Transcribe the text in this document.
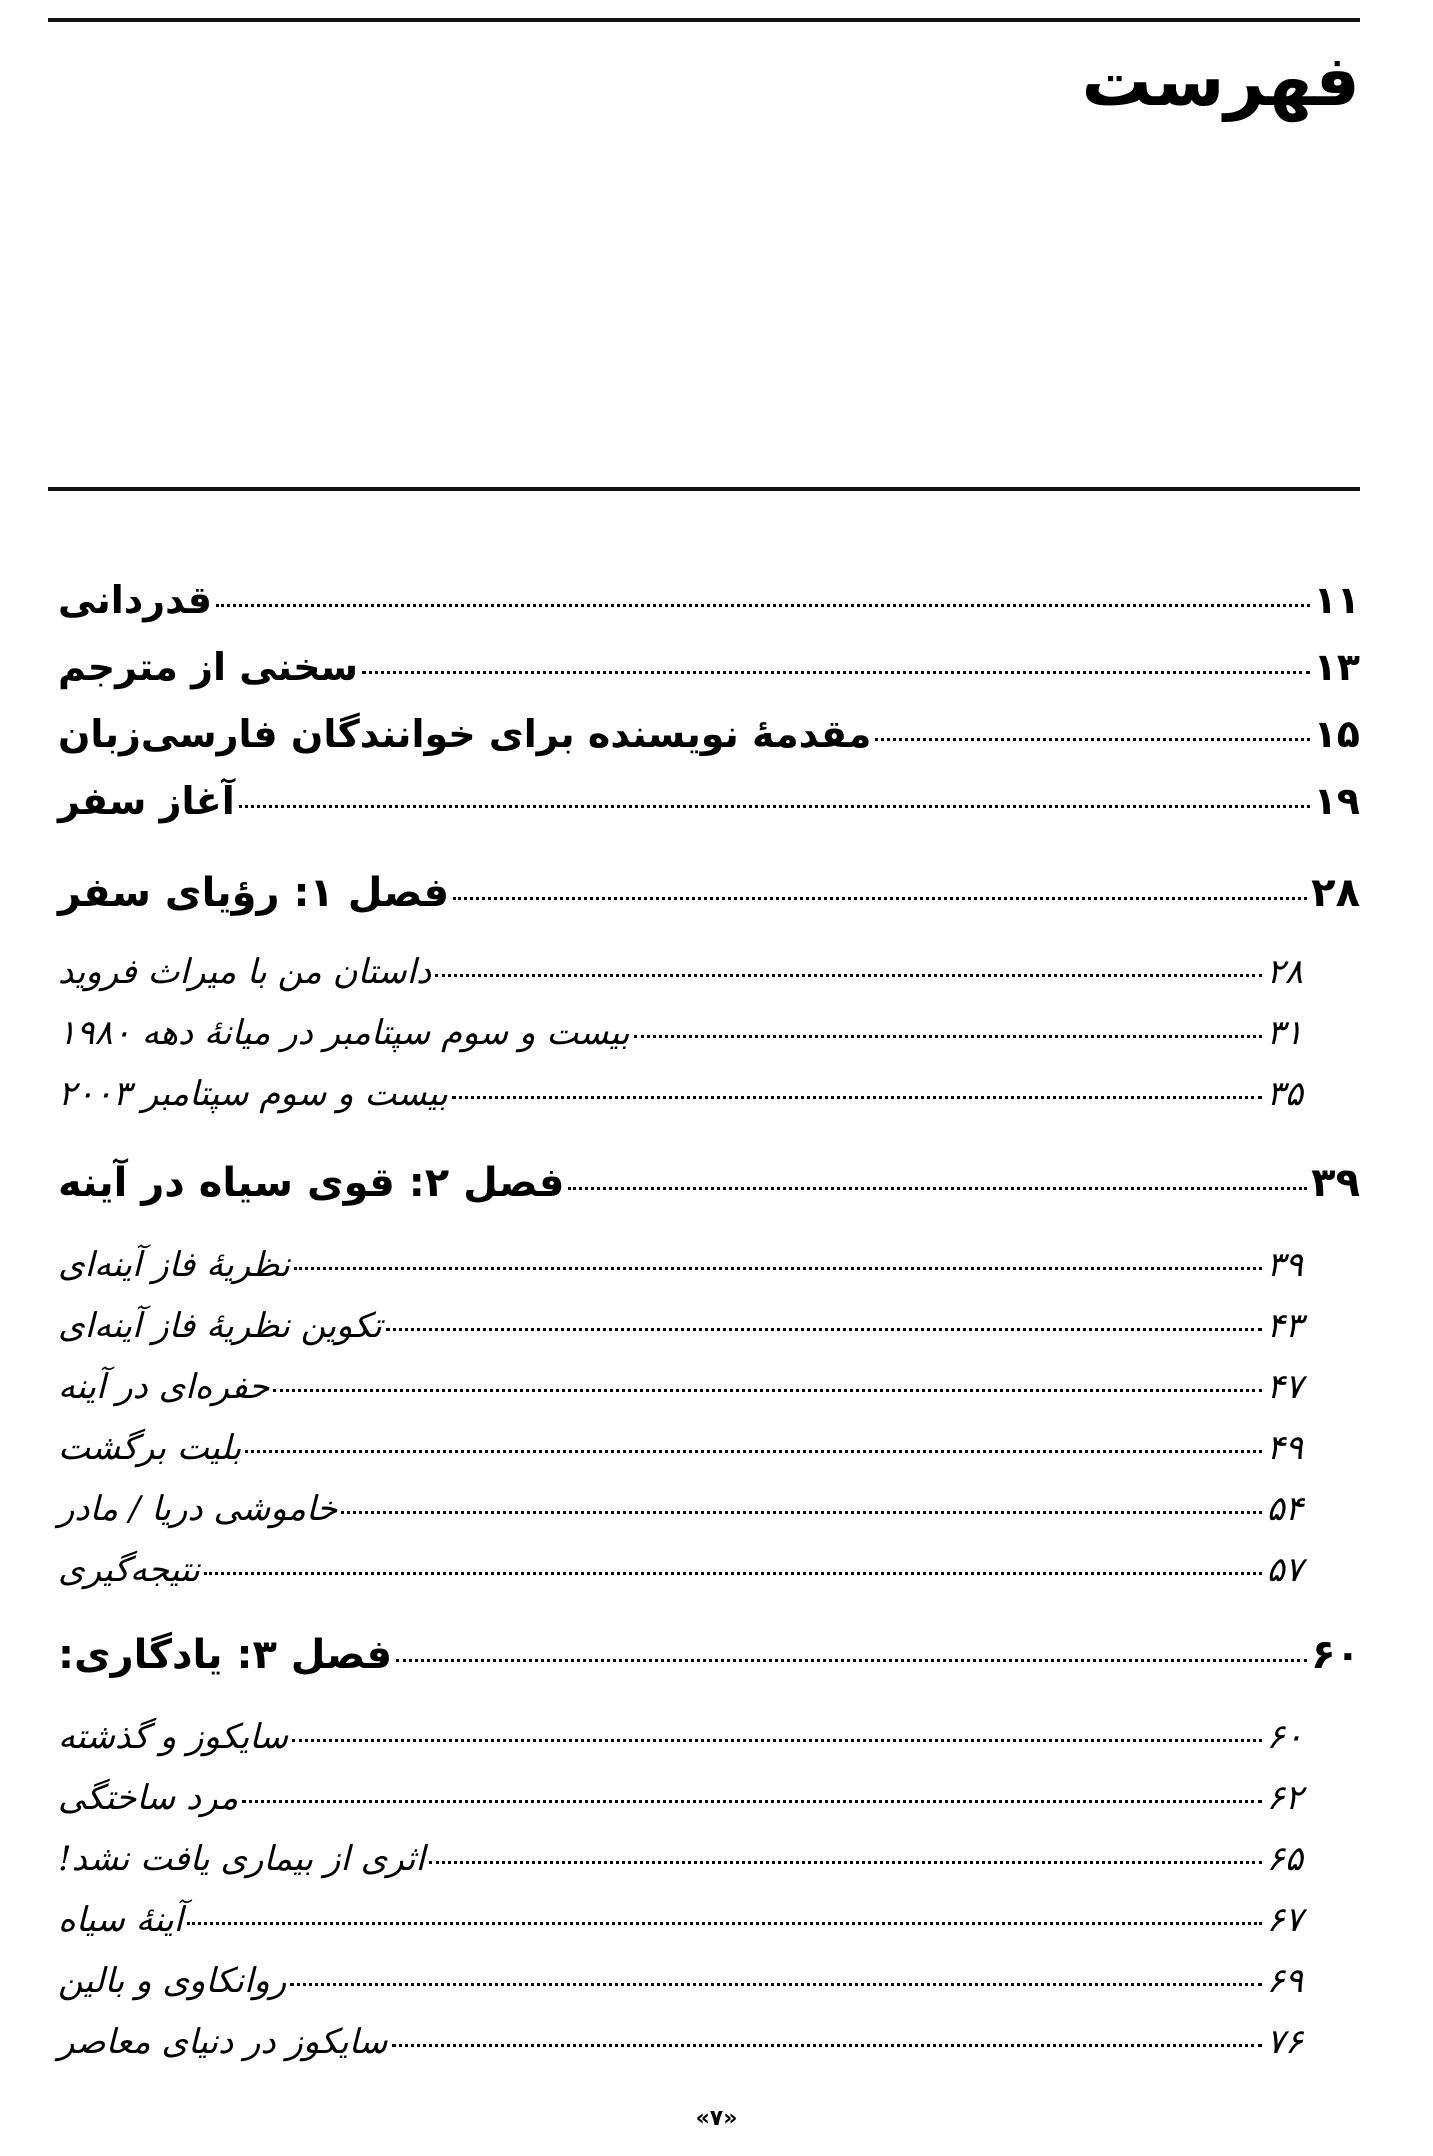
فهرست
قدردانی	۱۱
سخنی از مترجم	۱۳
مقدمهٔ نویسنده برای خوانندگان فارسی‌زبان	۱۵
آغاز سفر	۱۹
فصل ۱: رؤیای سفر	۲۸
داستان من با میراث فروید	۲۸
بیست و سوم سپتامبر در میانهٔ دهه ۱۹۸۰	۳۱
بیست و سوم سپتامبر ۲۰۰۳	۳۵
فصل ۲: قوی سیاه در آینه	۳۹
نظریهٔ فاز آینه‌ای	۳۹
تکوین نظریهٔ فاز آینه‌ای	۴۳
حفره‌ای در آینه	۴۷
بلیت برگشت	۴۹
خاموشی دریا / مادر	۵۴
نتیجه‌گیری	۵۷
فصل ۳: یادگاری:	۶۰
سایکوز و گذشته	۶۰
مرد ساختگی	۶۲
اثری از بیماری یافت نشد!	۶۵
آینهٔ سیاه	۶۷
روانکاوی و بالین	۶۹
سایکوز در دنیای معاصر	۷۶
«۷»
